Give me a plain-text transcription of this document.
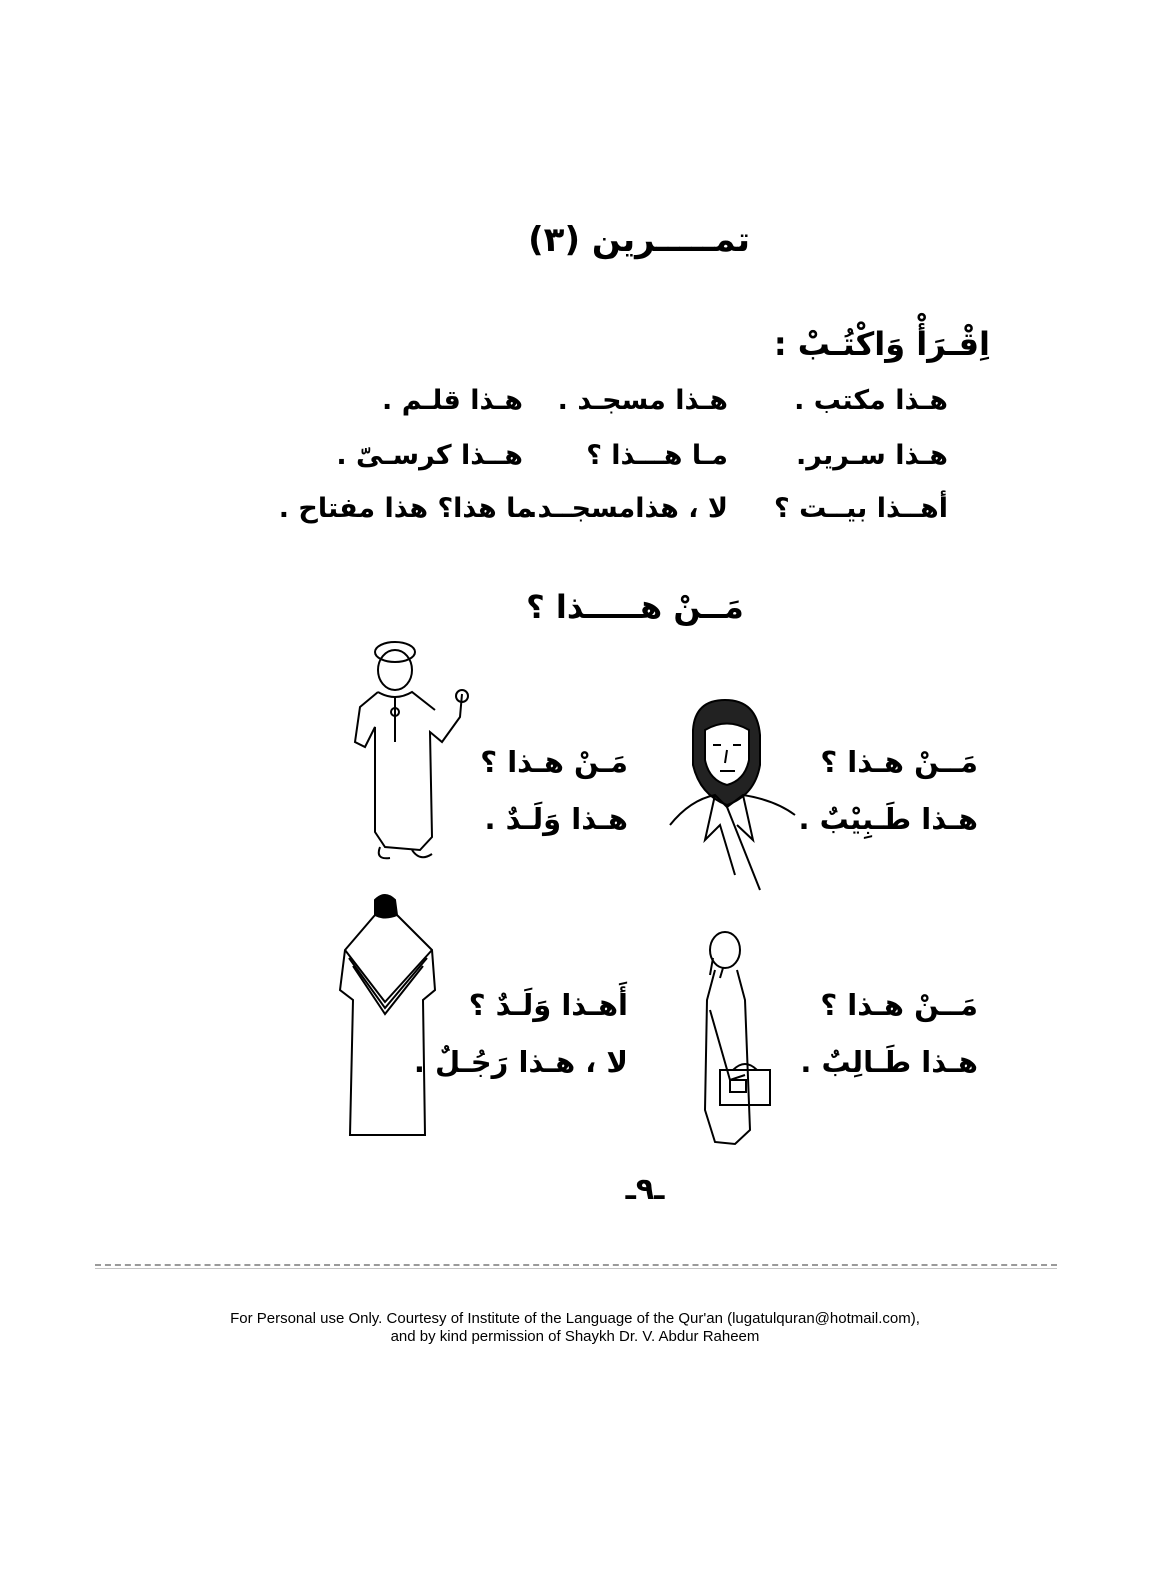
تمـــــرين (٣)
اِقْـرَأْ وَاكْتُـبْ :
هـذا مكتب .
هـذا مسجـد .
هـذا قلـم .
هـذا سـرير.
مـا هـــذا ؟
هــذا كرسـىّ .
أهــذا بيــت ؟
لا ، هذامسجــد.
ما هذا؟ هذا مفتاح .
مَــنْ هـــــذا ؟
مَــنْ هـذا ؟
هـذا طَـبِيْبٌ .
مَـنْ هـذا ؟
هـذا وَلَـدٌ .
مَــنْ هـذا ؟
هـذا طَـالِبٌ .
أَهـذا وَلَـدٌ ؟
لا ، هـذا رَجُـلٌ .
ـ٩ـ
For Personal use Only. Courtesy of Institute of the Language of the Qur'an (lugatulquran@hotmail.com),
and by kind permission of Shaykh Dr. V. Abdur Raheem
